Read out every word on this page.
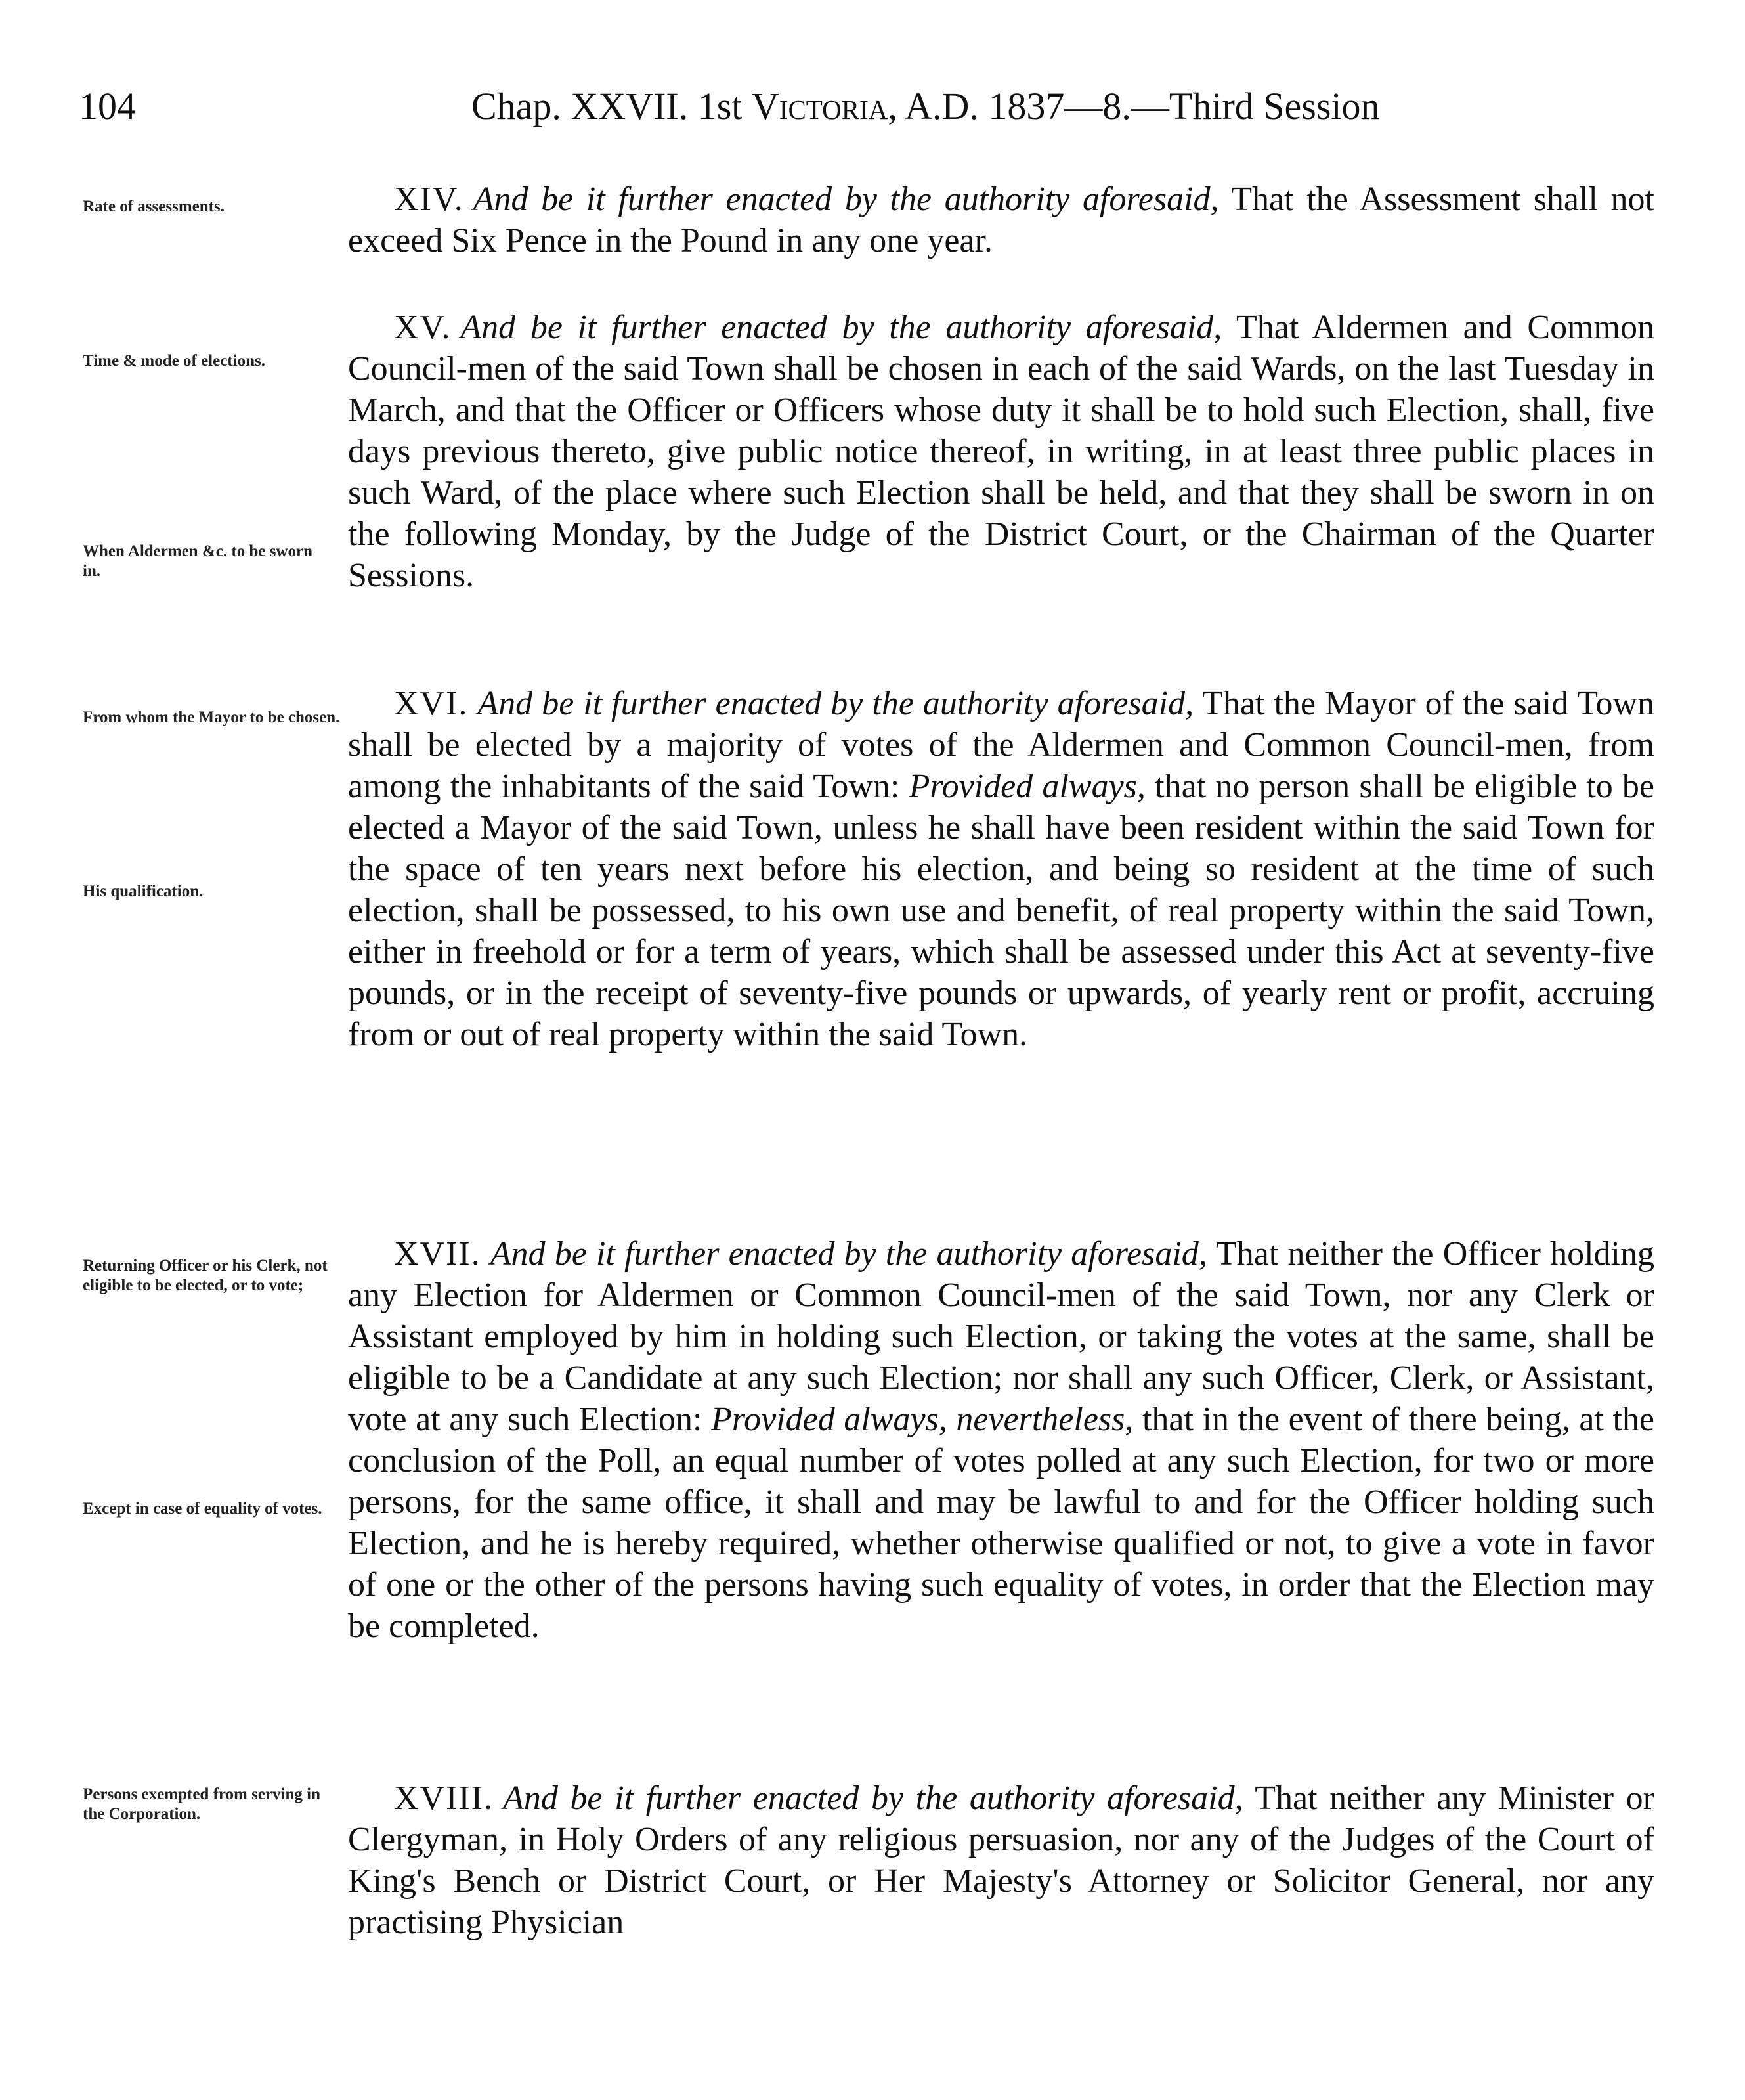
104	Chap. XXVII. 1st Victoria, A.D. 1837—8.—Third Session
Rate of assessments.
Time & mode of elections.
When Aldermen &c. to be sworn in.
From whom the Mayor to be chosen.
His qualification.
Returning Officer or his Clerk, not eligible to be elected, or to vote;
Except in case of equality of votes.
Persons exempted from serving in the Corporation.

XIV. And be it further enacted by the authority aforesaid, That the Assessment shall not exceed Six Pence in the Pound in any one year.

XV. And be it further enacted by the authority aforesaid, That Aldermen and Common Council-men of the said Town shall be chosen in each of the said Wards, on the last Tuesday in March, and that the Officer or Officers whose duty it shall be to hold such Election, shall, five days previous thereto, give public notice thereof, in writing, in at least three public places in such Ward, of the place where such Election shall be held, and that they shall be sworn in on the following Monday, by the Judge of the District Court, or the Chairman of the Quarter Sessions.

XVI. And be it further enacted by the authority aforesaid, That the Mayor of the said Town shall be elected by a majority of votes of the Aldermen and Common Council-men, from among the inhabitants of the said Town: Provided always, that no person shall be eligible to be elected a Mayor of the said Town, unless he shall have been resident within the said Town for the space of ten years next before his election, and being so resident at the time of such election, shall be possessed, to his own use and benefit, of real property within the said Town, either in freehold or for a term of years, which shall be assessed under this Act at seventy-five pounds, or in the receipt of seventy-five pounds or upwards, of yearly rent or profit, accruing from or out of real property within the said Town.

XVII. And be it further enacted by the authority aforesaid, That neither the Officer holding any Election for Aldermen or Common Council-men of the said Town, nor any Clerk or Assistant employed by him in holding such Election, or taking the votes at the same, shall be eligible to be a Candidate at any such Election; nor shall any such Officer, Clerk, or Assistant, vote at any such Election: Provided always, nevertheless, that in the event of there being, at the conclusion of the Poll, an equal number of votes polled at any such Election, for two or more persons, for the same office, it shall and may be lawful to and for the Officer holding such Election, and he is hereby required, whether otherwise qualified or not, to give a vote in favor of one or the other of the persons having such equality of votes, in order that the Election may be completed.

XVIII. And be it further enacted by the authority aforesaid, That neither any Minister or Clergyman, in Holy Orders of any religious persuasion, nor any of the Judges of the Court of King's Bench or District Court, or Her Majesty's Attorney or Solicitor General, nor any practising Physician
